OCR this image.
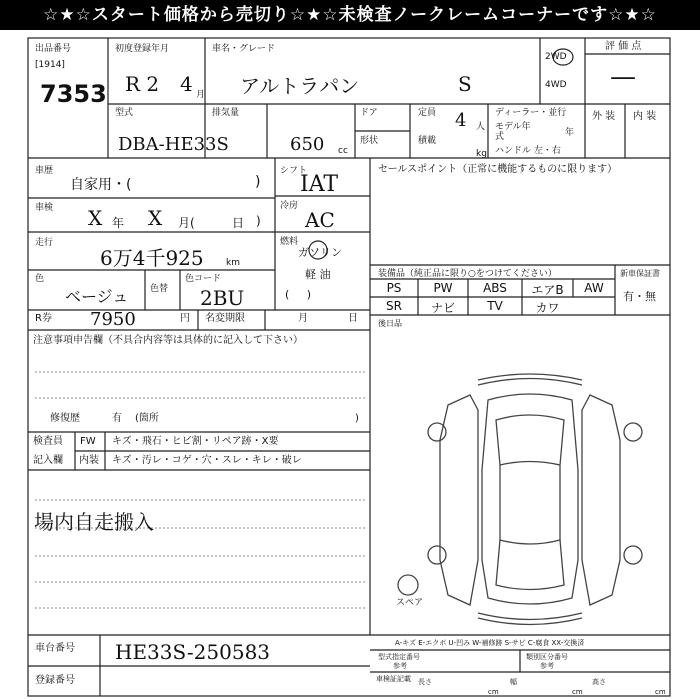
☆★☆スタート価格から売切り☆★☆未検査ノークレームコーナーです☆★☆
出品番号
[1914]
7353
初度登録年月
R 2 4 月
車名・グレード
アルトラパン	S
2WD
4WD
評 価 点
—
外 装 内 装
型式
DBA-HE33S
排気量
650 cc
ドア
形状
定員 4 人
積載
kg
ディーラー・並行
モデル年式	年
ハンドル 左・右
車歴
自家用・(	)
車検 X 年 X 月(	日 )
走行
6万4千925 km
色
ベージュ 色替
色コード
2BU
シフト
IAT
冷房
AC
燃料
ガソリン
軽 油
(     )
R券 7950	円 名変期限	月	日
注意事項申告欄（不具合内容等は具体的に記入して下さい）
修復歴	有 (箇所	)
検査員
記入欄
FW キズ・飛石・ヒビ割・リペア跡・X要
内装 キズ・汚レ・コゲ・穴・スレ・キレ・破レ
場内自走搬入
車台番号 HE33S-250583
登録番号
セールスポイント（正常に機能するものに限ります）
装備品（純正品に限り○をつけてください）	新車保証書
有・無
PS	PW	ABS	エアB	AW
SR	ナビ	TV	カワ
後日品
スペア
A-キズ E-エクボ U-凹み W-補修跡 S-サビ C-腐食 XX-交換済
型式指定番号
参考
類別区分番号
参考
車検証記載 長さ
cm
幅
cm
高さ
cm
